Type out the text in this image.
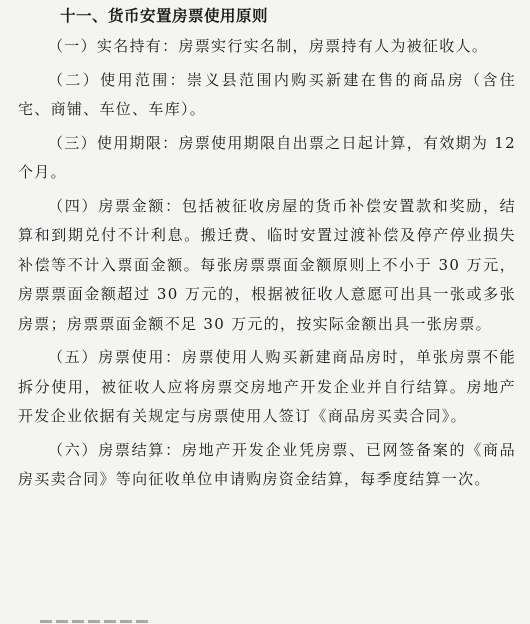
十一、货币安置房票使用原则

（一）实名持有：房票实行实名制，房票持有人为被征收人。

（二）使用范围：崇义县范围内购买新建在售的商品房（含住宅、商铺、车位、车库）。

（三）使用期限：房票使用期限自出票之日起计算，有效期为 12 个月。

（四）房票金额：包括被征收房屋的货币补偿安置款和奖励，结算和到期兑付不计利息。搬迁费、临时安置过渡补偿及停产停业损失补偿等不计入票面金额。每张房票票面金额原则上不小于 30 万元，房票票面金额超过 30 万元的，根据被征收人意愿可出具一张或多张房票；房票票面金额不足 30 万元的，按实际金额出具一张房票。

（五）房票使用：房票使用人购买新建商品房时，单张房票不能拆分使用，被征收人应将房票交房地产开发企业并自行结算。房地产开发企业依据有关规定与房票使用人签订《商品房买卖合同》。

（六）房票结算：房地产开发企业凭房票、已网签备案的《商品房买卖合同》等向征收单位申请购房资金结算，每季度结算一次。
